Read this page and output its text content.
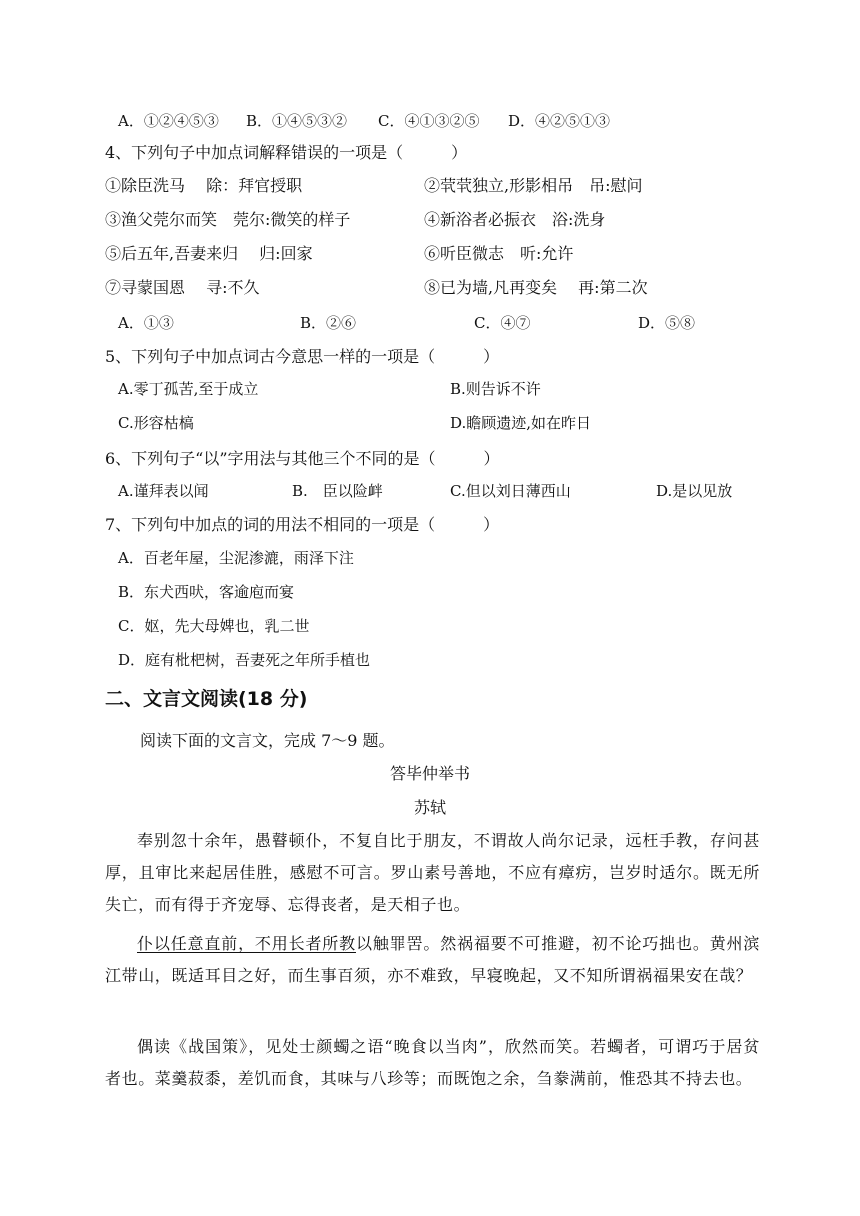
A．①②④⑤③ B．①④⑤③② C．④①③②⑤ D．④②⑤①③
4、下列句子中加点词解释错误的一项是（　　　）
①除臣洗马　 除：拜官授职	②茕茕独立,形影相吊　吊:慰问
③渔父莞尔而笑　莞尔:微笑的样子	④新浴者必振衣　浴:洗身
⑤后五年,吾妻来归　 归:回家	⑥听臣微志　听:允许
⑦寻蒙国恩　 寻:不久	⑧已为墙,凡再变矣　 再:第二次
A．①③	B．②⑥	C．④⑦	D．⑤⑧
5、下列句子中加点词古今意思一样的一项是（　　　）
A.零丁孤苦,至于成立	B.则告诉不许
C.形容枯槁	D.瞻顾遗迹,如在昨日
6、下列句子“以”字用法与其他三个不同的是（　　　）
A.谨拜表以闻	B.　臣以险衅	C.但以刘日薄西山	D.是以见放
7、下列句中加点的词的用法不相同的一项是（　　　）
A．百老年屋，尘泥渗漉，雨泽下注
B．东犬西吠，客逾庖而宴
C．妪，先大母婢也，乳二世
D．庭有枇杷树，吾妻死之年所手植也
二、文言文阅读(18 分)
阅读下面的文言文，完成 7～9 题。
答毕仲举书
苏轼
奉别忽十余年，愚瞽顿仆，不复自比于朋友，不谓故人尚尔记录，远枉手教，存问甚厚，且审比来起居佳胜，感慰不可言。罗山素号善地，不应有瘴疠，岂岁时适尔。既无所失亡，而有得于齐宠辱、忘得丧者，是天相子也。
仆以任意直前，不用长者所教以触罪罟。然祸福要不可推避，初不论巧拙也。黄州滨江带山，既适耳目之好，而生事百须，亦不难致，早寝晚起，又不知所谓祸福果安在哉？
偶读《战国策》，见处士颜蠋之语“晚食以当肉”，欣然而笑。若蠋者，可谓巧于居贫者也。菜羹菽黍，差饥而食，其味与八珍等；而既饱之余，刍豢满前，惟恐其不持去也。
